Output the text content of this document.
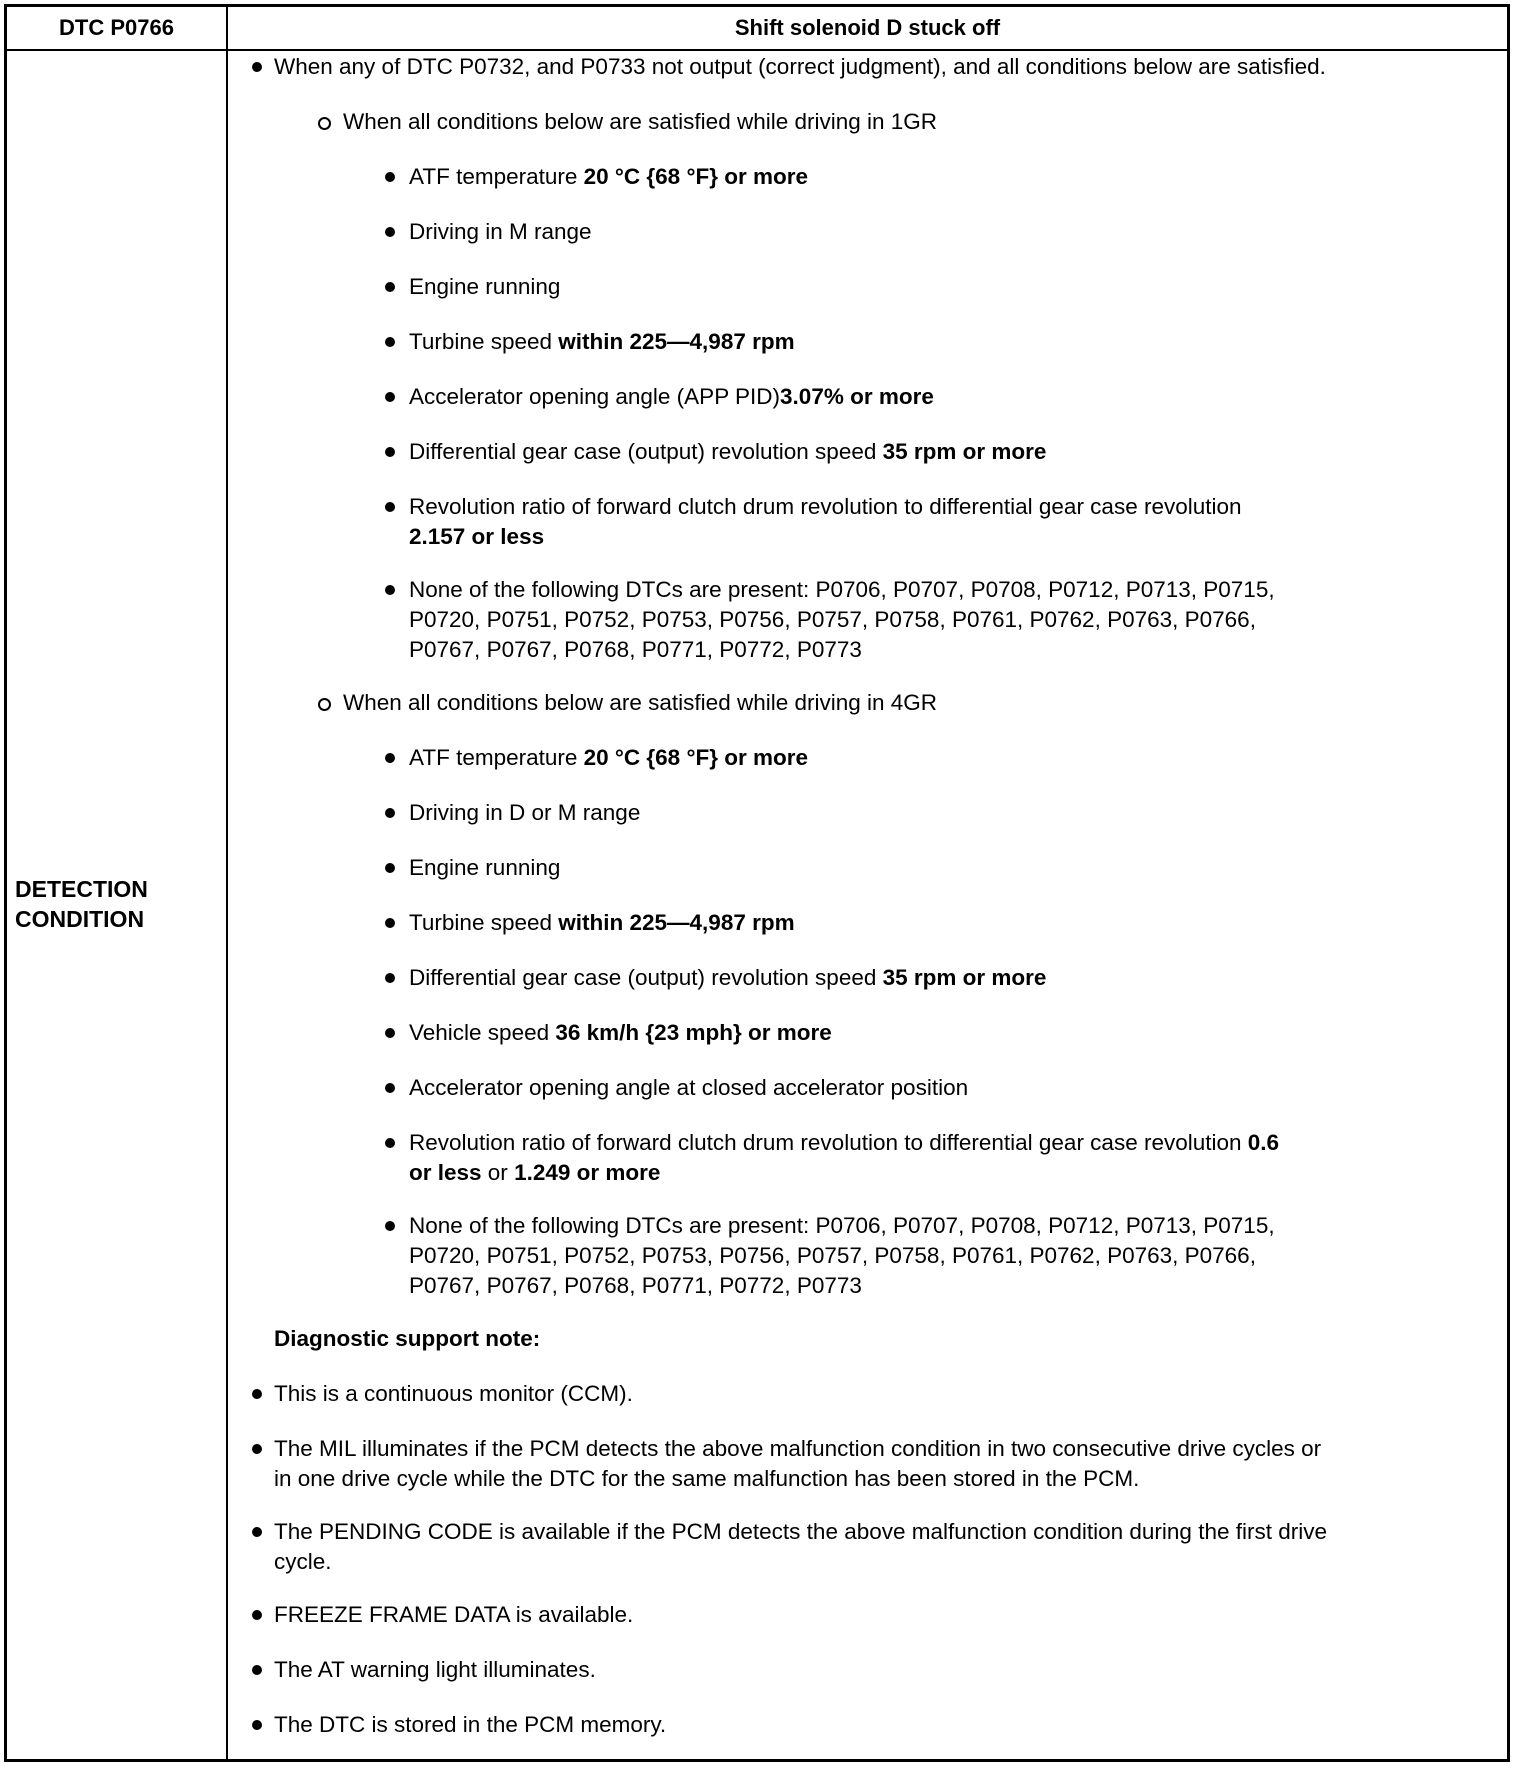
DTC P0766	Shift solenoid D stuck off
DETECTION
CONDITION
When any of DTC P0732, and P0733 not output (correct judgment), and all conditions below are satisfied.
When all conditions below are satisfied while driving in 1GR
ATF temperature 20 °C {68 °F} or more
Driving in M range
Engine running
Turbine speed within 225—4,987 rpm
Accelerator opening angle (APP PID)3.07% or more
Differential gear case (output) revolution speed 35 rpm or more
Revolution ratio of forward clutch drum revolution to differential gear case revolution
2.157 or less
None of the following DTCs are present: P0706, P0707, P0708, P0712, P0713, P0715,
P0720, P0751, P0752, P0753, P0756, P0757, P0758, P0761, P0762, P0763, P0766,
P0767, P0767, P0768, P0771, P0772, P0773
When all conditions below are satisfied while driving in 4GR
ATF temperature 20 °C {68 °F} or more
Driving in D or M range
Engine running
Turbine speed within 225—4,987 rpm
Differential gear case (output) revolution speed 35 rpm or more
Vehicle speed 36 km/h {23 mph} or more
Accelerator opening angle at closed accelerator position
Revolution ratio of forward clutch drum revolution to differential gear case revolution 0.6
or less or 1.249 or more
None of the following DTCs are present: P0706, P0707, P0708, P0712, P0713, P0715,
P0720, P0751, P0752, P0753, P0756, P0757, P0758, P0761, P0762, P0763, P0766,
P0767, P0767, P0768, P0771, P0772, P0773
Diagnostic support note:
This is a continuous monitor (CCM).
The MIL illuminates if the PCM detects the above malfunction condition in two consecutive drive cycles or
in one drive cycle while the DTC for the same malfunction has been stored in the PCM.
The PENDING CODE is available if the PCM detects the above malfunction condition during the first drive
cycle.
FREEZE FRAME DATA is available.
The AT warning light illuminates.
The DTC is stored in the PCM memory.
